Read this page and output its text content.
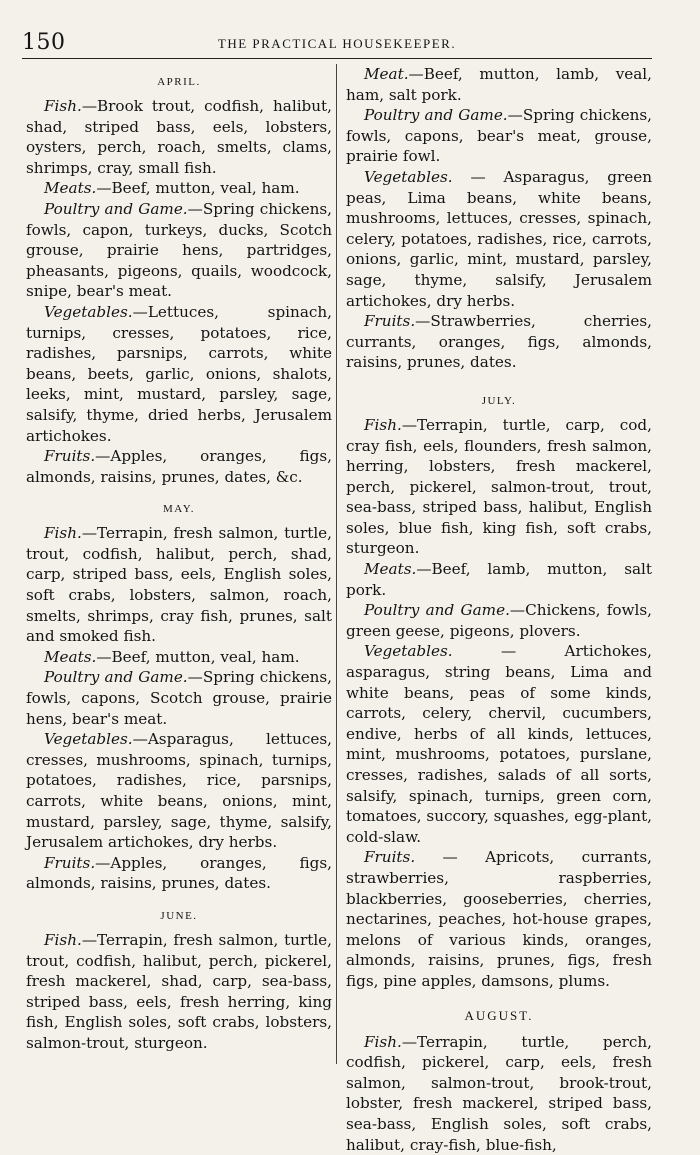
150	THE PRACTICAL HOUSEKEEPER.
APRIL.

Fish.—Brook trout, codfish, halibut, shad, striped bass, eels, lobsters, oysters, perch, roach, smelts, clams, shrimps, cray, small fish.

Meats.—Beef, mutton, veal, ham.

Poultry and Game.—Spring chickens, fowls, capon, turkeys, ducks, Scotch grouse, prairie hens, partridges, pheasants, pigeons, quails, woodcock, snipe, bear's meat.

Vegetables.—Lettuces, spinach, turnips, cresses, potatoes, rice, radishes, parsnips, carrots, white beans, beets, garlic, onions, shalots, leeks, mint, mustard, parsley, sage, salsify, thyme, dried herbs, Jerusalem artichokes.

Fruits.—Apples, oranges, figs, almonds, raisins, prunes, dates, &c.

MAY.

Fish.—Terrapin, fresh salmon, turtle, trout, codfish, halibut, perch, shad, carp, striped bass, eels, English soles, soft crabs, lobsters, salmon, roach, smelts, shrimps, cray fish, prunes, salt and smoked fish.

Meats.—Beef, mutton, veal, ham.

Poultry and Game.—Spring chickens, fowls, capons, Scotch grouse, prairie hens, bear's meat.

Vegetables.—Asparagus, lettuces, cresses, mushrooms, spinach, turnips, potatoes, radishes, rice, parsnips, carrots, white beans, onions, mint, mustard, parsley, sage, thyme, salsify, Jerusalem artichokes, dry herbs.

Fruits.—Apples, oranges, figs, almonds, raisins, prunes, dates.

JUNE.

Fish.—Terrapin, fresh salmon, turtle, trout, codfish, halibut, perch, pickerel, fresh mackerel, shad, carp, sea-bass, striped bass, eels, fresh herring, king fish, English soles, soft crabs, lobsters, salmon-trout, sturgeon.

Meat.—Beef, mutton, lamb, veal, ham, salt pork.

Poultry and Game.—Spring chickens, fowls, capons, bear's meat, grouse, prairie fowl.

Vegetables. — Asparagus, green peas, Lima beans, white beans, mushrooms, lettuces, cresses, spinach, celery, potatoes, radishes, rice, carrots, onions, garlic, mint, mustard, parsley, sage, thyme, salsify, Jerusalem artichokes, dry herbs.

Fruits.—Strawberries, cherries, currants, oranges, figs, almonds, raisins, prunes, dates.

JULY.

Fish.—Terrapin, turtle, carp, cod, cray fish, eels, flounders, fresh salmon, herring, lobsters, fresh mackerel, perch, pickerel, salmon-trout, trout, sea-bass, striped bass, halibut, English soles, blue fish, king fish, soft crabs, sturgeon.

Meats.—Beef, lamb, mutton, salt pork.

Poultry and Game.—Chickens, fowls, green geese, pigeons, plovers.

Vegetables. — Artichokes, asparagus, string beans, Lima and white beans, peas of some kinds, carrots, celery, chervil, cucumbers, endive, herbs of all kinds, lettuces, mint, mushrooms, potatoes, purslane, cresses, radishes, salads of all sorts, salsify, spinach, turnips, green corn, tomatoes, succory, squashes, egg-plant, cold-slaw.

Fruits. — Apricots, currants, strawberries, raspberries, blackberries, gooseberries, cherries, nectarines, peaches, hot-house grapes, melons of various kinds, oranges, almonds, raisins, prunes, figs, fresh figs, pine apples, damsons, plums.

AUGUST.

Fish.—Terrapin, turtle, perch, codfish, pickerel, carp, eels, fresh salmon, salmon-trout, brook-trout, lobster, fresh mackerel, striped bass, sea-bass, English soles, soft crabs, halibut, cray-fish, blue-fish,
